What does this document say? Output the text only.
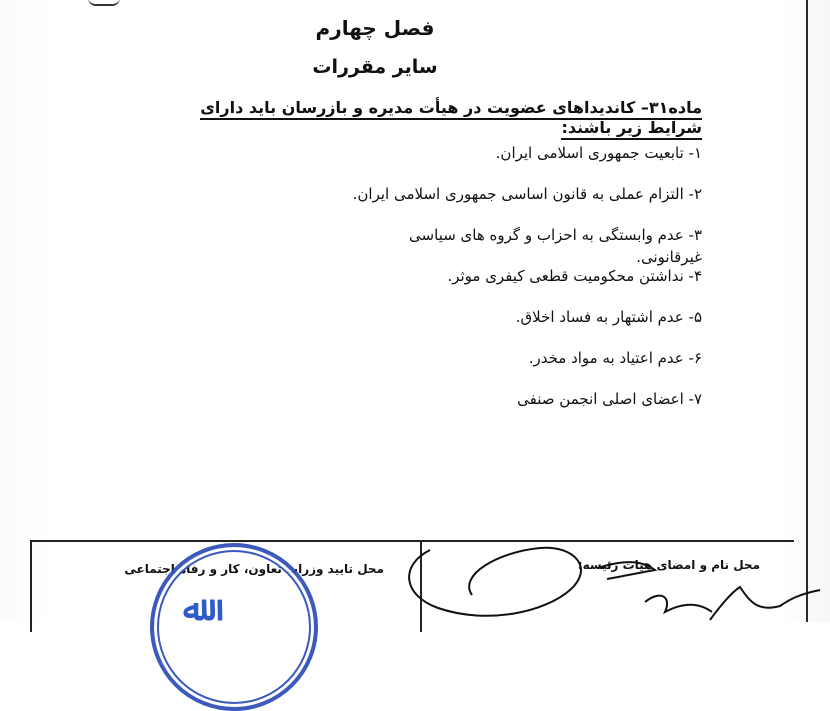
فصل چهارم
سایر مقررات
ماده۳۱– کاندیداهای عضویت در هیأت مدیره و بازرسان باید دارای شرایط زیر باشند:
۱- تابعیت جمهوری اسلامی ایران.
۲- التزام عملی به قانون اساسی جمهوری اسلامی ایران.
۳- عدم وابستگی به احزاب و گروه های سیاسی غیرقانونی.
۴- نداشتن محکومیت قطعی کیفری موثر.
۵- عدم اشتهار به فساد اخلاق.
۶- عدم اعتیاد به مواد مخدر.
۷- اعضای اصلی انجمن صنفی
محل تایید وزرات تعاون، کار و رفاه اجتماعی	محل نام و امضای هیات رئیسه:
ﷲ
